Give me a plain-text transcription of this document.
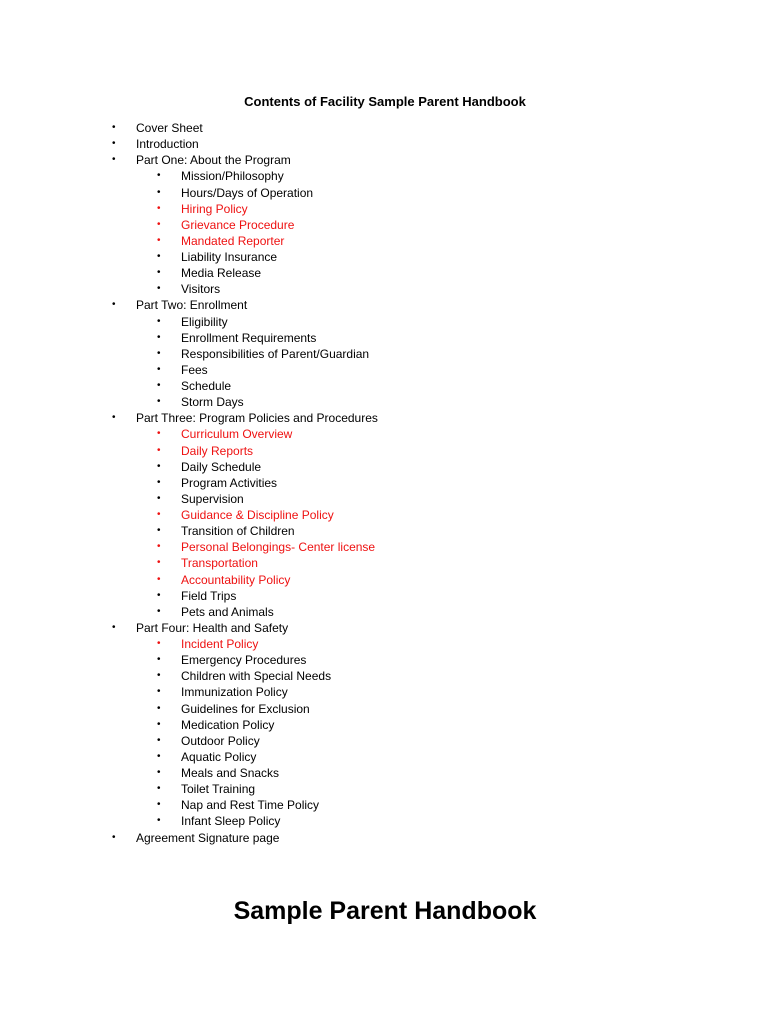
Contents of Facility Sample Parent Handbook
• Cover Sheet
• Introduction
• Part One: About the Program
• Mission/Philosophy
• Hours/Days of Operation
• Hiring Policy
• Grievance Procedure
• Mandated Reporter
• Liability Insurance
• Media Release
• Visitors
• Part Two: Enrollment
• Eligibility
• Enrollment Requirements
• Responsibilities of Parent/Guardian
• Fees
• Schedule
• Storm Days
• Part Three: Program Policies and Procedures
• Curriculum Overview
• Daily Reports
• Daily Schedule
• Program Activities
• Supervision
• Guidance & Discipline Policy
• Transition of Children
• Personal Belongings- Center license
• Transportation
• Accountability Policy
• Field Trips
• Pets and Animals
• Part Four: Health and Safety
• Incident Policy
• Emergency Procedures
• Children with Special Needs
• Immunization Policy
• Guidelines for Exclusion
• Medication Policy
• Outdoor Policy
• Aquatic Policy
• Meals and Snacks
• Toilet Training
• Nap and Rest Time Policy
• Infant Sleep Policy
• Agreement Signature page
Sample Parent Handbook
